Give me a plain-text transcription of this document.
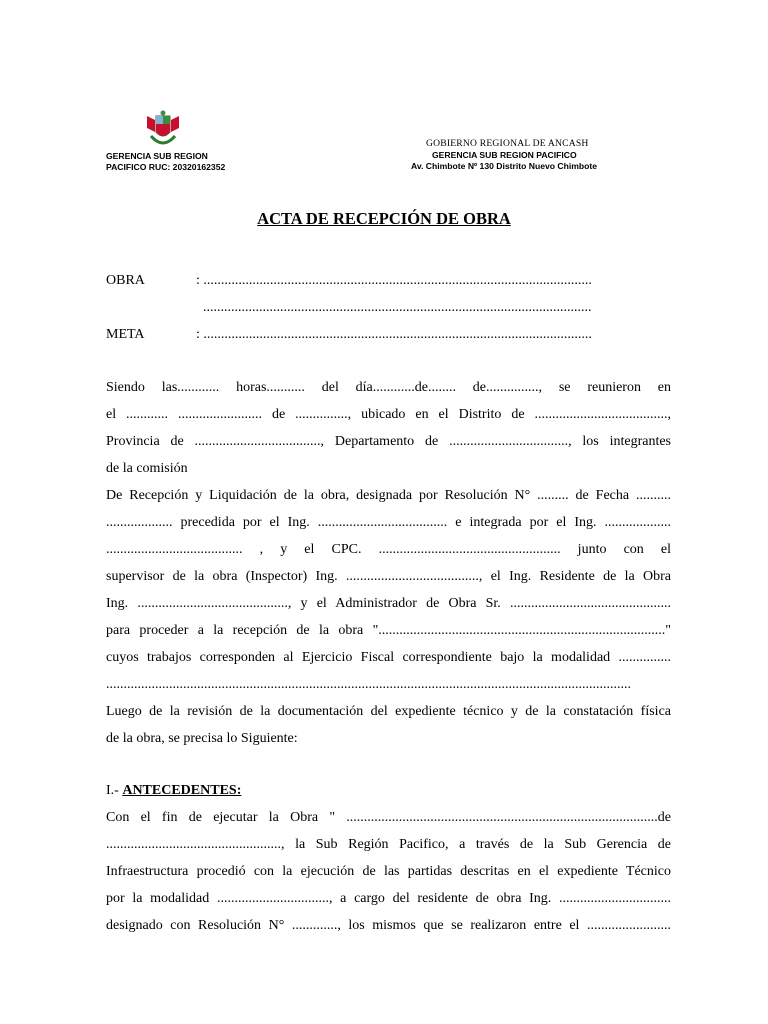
GERENCIA SUB REGION
PACIFICO RUC: 20320162352
GOBIERNO REGIONAL DE ANCASH
GERENCIA SUB REGION PACIFICO
Av. Chimbote Nº 130 Distrito Nuevo Chimbote
ACTA DE RECEPCIÓN DE OBRA
OBRA	: ...............................................................................................................
...............................................................................................................
META	: ...............................................................................................................
Siendo las............ horas........... del día............de........ de..............., se reunieron en
el ............ ........................ de ..............., ubicado en el Distrito de ......................................,
Provincia de ...................................., Departamento de .................................., los integrantes
de la comisión
De Recepción y Liquidación de la obra, designada por Resolución N° ......... de Fecha ..........
................... precedida por el Ing. ..................................... e integrada por el Ing. ...................
....................................... , y el CPC. .................................................... junto con el
supervisor de la obra (Inspector) Ing. ......................................, el Ing. Residente de la Obra
Ing. ..........................................., y el Administrador de Obra Sr. ..............................................
para proceder a la recepción de la obra ".................................................................................."
cuyos trabajos corresponden al Ejercicio Fiscal correspondiente bajo la modalidad ...............
......................................................................................................................................................
Luego de la revisión de la documentación del expediente técnico y de la constatación física
de la obra, se precisa lo Siguiente:
I.- ANTECEDENTES:
Con el fin de ejecutar la Obra " .........................................................................................de
.................................................., la Sub Región Pacifico, a través de la Sub Gerencia de
Infraestructura procedió con la ejecución de las partidas descritas en el expediente Técnico
por la modalidad ................................, a cargo del residente de obra Ing. ................................
designado con Resolución N° ............., los mismos que se realizaron entre el ........................
